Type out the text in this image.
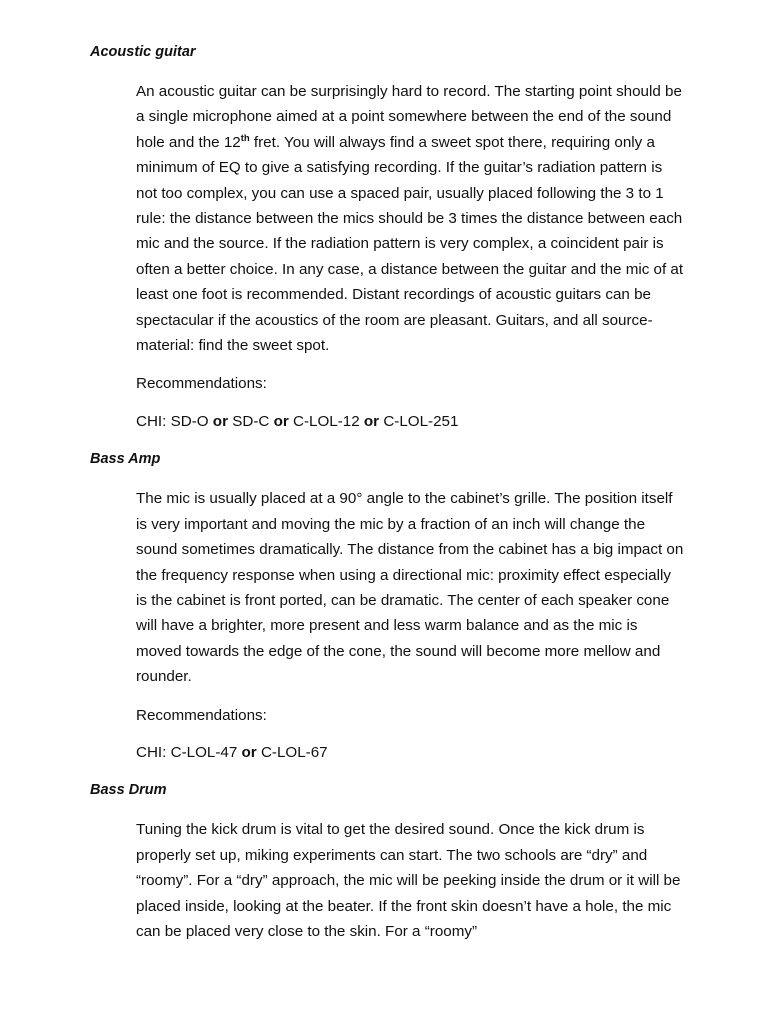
Acoustic guitar

An acoustic guitar can be surprisingly hard to record. The starting point should be a single microphone aimed at a point somewhere between the end of the sound hole and the 12th fret. You will always find a sweet spot there, requiring only a minimum of EQ to give a satisfying recording. If the guitar’s radiation pattern is not too complex, you can use a spaced pair, usually placed following the 3 to 1 rule: the distance between the mics should be 3 times the distance between each mic and the source. If the radiation pattern is very complex, a coincident pair is often a better choice. In any case, a distance between the guitar and the mic of at least one foot is recommended. Distant recordings of acoustic guitars can be spectacular if the acoustics of the room are pleasant. Guitars, and all source-material: find the sweet spot.

Recommendations:

CHI: SD-O or SD-C or C-LOL-12 or C-LOL-251

Bass Amp

The mic is usually placed at a 90° angle to the cabinet’s grille. The position itself is very important and moving the mic by a fraction of an inch will change the sound sometimes dramatically. The distance from the cabinet has a big impact on the frequency response when using a directional mic: proximity effect especially is the cabinet is front ported, can be dramatic. The center of each speaker cone will have a brighter, more present and less warm balance and as the mic is moved towards the edge of the cone, the sound will become more mellow and rounder.

Recommendations:

CHI: C-LOL-47 or C-LOL-67

Bass Drum

Tuning the kick drum is vital to get the desired sound. Once the kick drum is properly set up, miking experiments can start. The two schools are “dry” and “roomy”. For a “dry” approach, the mic will be peeking inside the drum or it will be placed inside, looking at the beater. If the front skin doesn’t have a hole, the mic can be placed very close to the skin. For a “roomy”
